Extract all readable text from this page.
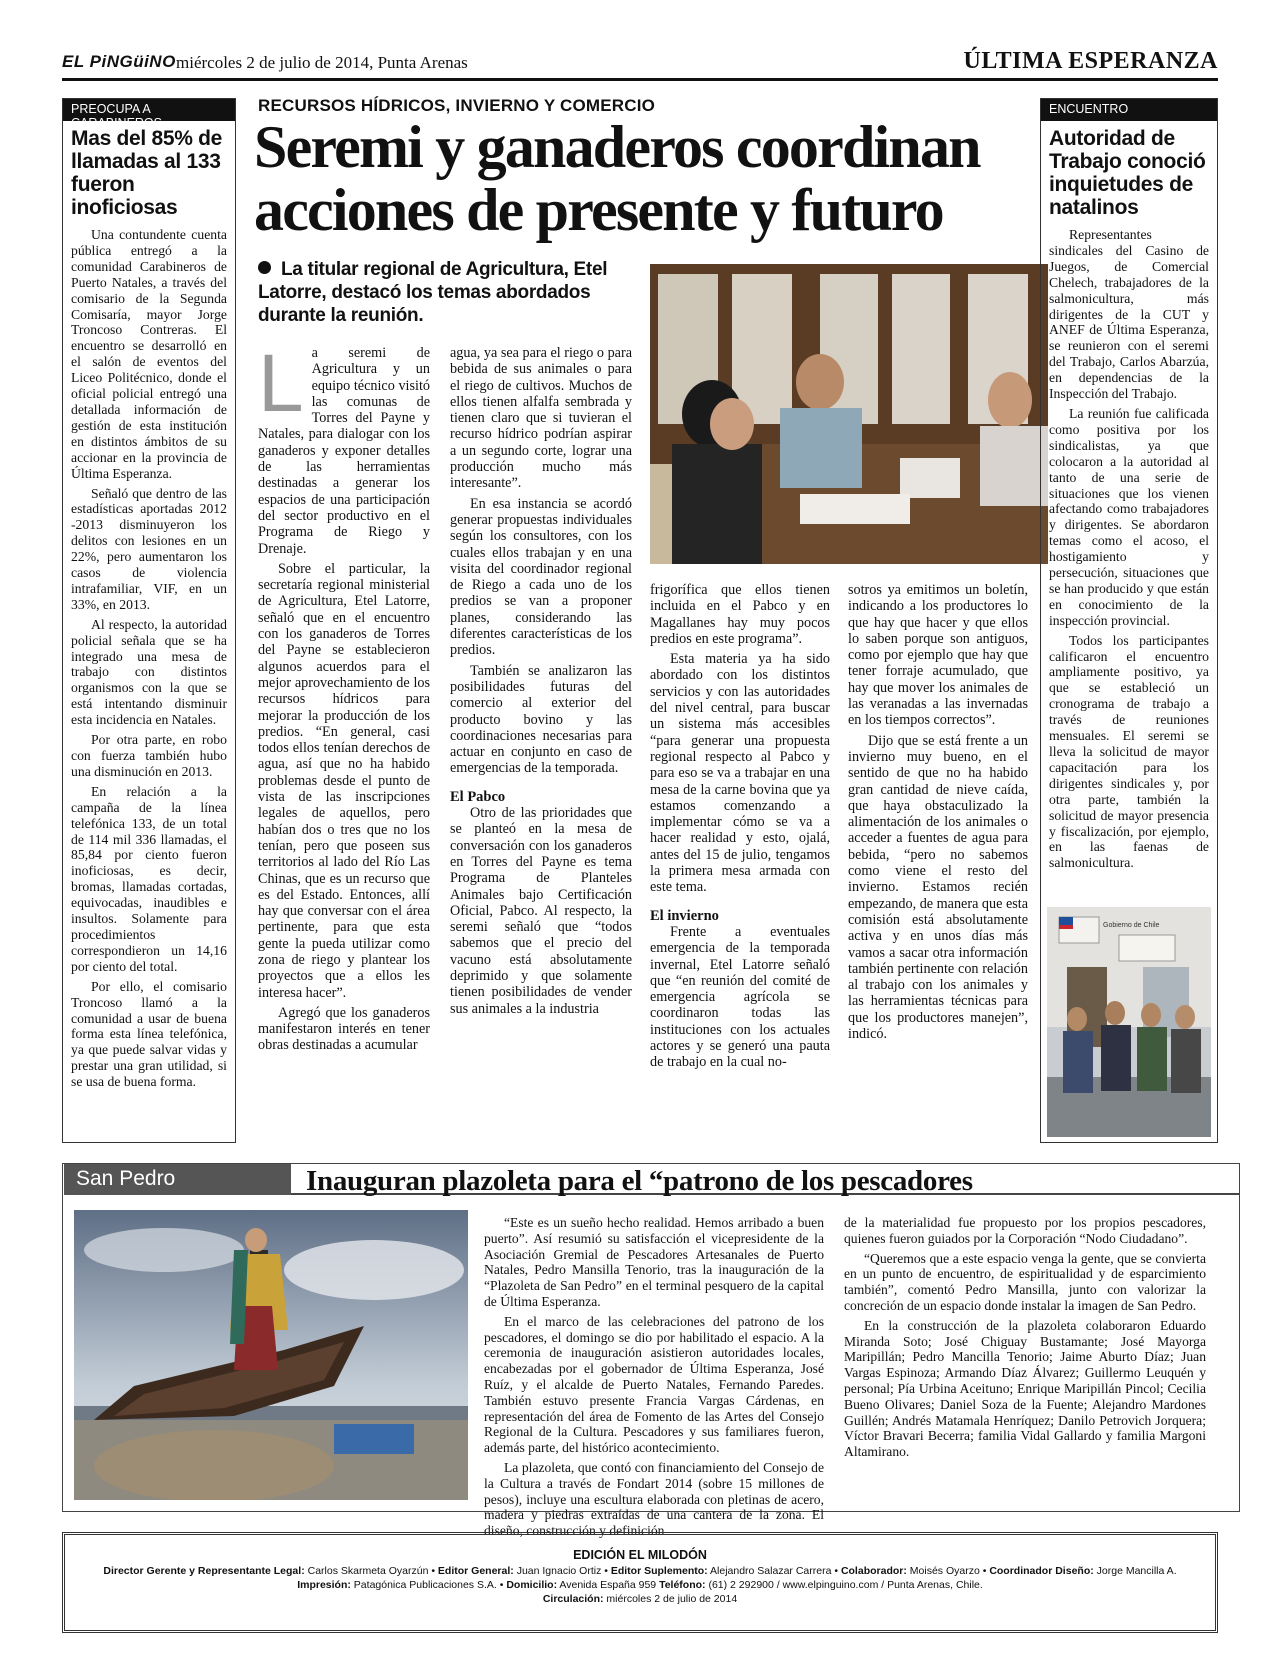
EL PiNGüiNO miércoles 2 de julio de 2014, Punta Arenas	ÚLTIMA ESPERANZA
PREOCUPA A CARABINEROS
Mas del 85% de llamadas al 133 fueron inoficiosas

Una contundente cuenta pública entregó a la comunidad Carabineros de Puerto Natales, a través del comisario de la Segunda Comisaría, mayor Jorge Troncoso Contreras. El encuentro se desarrolló en el salón de eventos del Liceo Politécnico, donde el oficial policial entregó una detallada información de gestión de esta institución en distintos ámbitos de su accionar en la provincia de Última Esperanza.

Señaló que dentro de las estadísticas aportadas 2012 -2013 disminuyeron los delitos con lesiones en un 22%, pero aumentaron los casos de violencia intrafamiliar, VIF, en un 33%, en 2013.

Al respecto, la autoridad policial señala que se ha integrado una mesa de trabajo con distintos organismos con la que se está intentando disminuir esta incidencia en Natales.

Por otra parte, en robo con fuerza también hubo una disminución en 2013.

En relación a la campaña de la línea telefónica 133, de un total de 114 mil 336 llamadas, el 85,84 por ciento fueron inoficiosas, es decir, bromas, llamadas cortadas, equivocadas, inaudibles e insultos. Solamente para procedimientos correspondieron un 14,16 por ciento del total.

Por ello, el comisario Troncoso llamó a la comunidad a usar de buena forma esta línea telefónica, ya que puede salvar vidas y prestar una gran utilidad, si se usa de buena forma.

RECURSOS HÍDRICOS, INVIERNO Y COMERCIO
Seremi y ganaderos coordinan acciones de presente y futuro
La titular regional de Agricultura, Etel Latorre, destacó los temas abordados durante la reunión.
L a seremi de Agricultura y un equipo técnico visitó las comunas de Torres del Payne y Natales, para dialogar con los ganaderos y exponer detalles de las herramientas destinadas a generar los espacios de una participación del sector productivo en el Programa de Riego y Drenaje.

Sobre el particular, la secretaría regional ministerial de Agricultura, Etel Latorre, señaló que en el encuentro con los ganaderos de Torres del Payne se establecieron algunos acuerdos para el mejor aprovechamiento de los recursos hídricos para mejorar la producción de los predios. “En general, casi todos ellos tenían derechos de agua, así que no ha habido problemas desde el punto de vista de las inscripciones legales de aquellos, pero habían dos o tres que no los tenían, pero que poseen sus territorios al lado del Río Las Chinas, que es un recurso que es del Estado. Entonces, allí hay que conversar con el área pertinente, para que esta gente la pueda utilizar como zona de riego y plantear los proyectos que a ellos les interesa hacer”.

Agregó que los ganaderos manifestaron interés en tener obras destinadas a acumular

agua, ya sea para el riego o para bebida de sus animales o para el riego de cultivos. Muchos de ellos tienen alfalfa sembrada y tienen claro que si tuvieran el recurso hídrico podrían aspirar a un segundo corte, lograr una producción mucho más interesante”.

En esa instancia se acordó generar propuestas individuales según los consultores, con los cuales ellos trabajan y en una visita del coordinador regional de Riego a cada uno de los predios se van a proponer planes, considerando las diferentes características de los predios.

También se analizaron las posibilidades futuras del comercio al exterior del producto bovino y las coordinaciones necesarias para actuar en conjunto en caso de emergencias de la temporada.

El Pabco

Otro de las prioridades que se planteó en la mesa de conversación con los ganaderos en Torres del Payne es tema Programa de Planteles Animales bajo Certificación Oficial, Pabco. Al respecto, la seremi señaló que “todos sabemos que el precio del vacuno está absolutamente deprimido y que solamente tienen posibilidades de vender sus animales a la industria

frigorífica que ellos tienen incluida en el Pabco y en Magallanes hay muy pocos predios en este programa”.

Esta materia ya ha sido abordado con los distintos servicios y con las autoridades del nivel central, para buscar un sistema más accesibles “para generar una propuesta regional respecto al Pabco y para eso se va a trabajar en una mesa de la carne bovina que ya estamos comenzando a implementar cómo se va a hacer realidad y esto, ojalá, antes del 15 de julio, tengamos la primera mesa armada con este tema.

El invierno

Frente a eventuales emergencia de la temporada invernal, Etel Latorre señaló que “en reunión del comité de emergencia agrícola se coordinaron todas las instituciones con los actuales actores y se generó una pauta de trabajo en la cual no-

sotros ya emitimos un boletín, indicando a los productores lo que hay que hacer y que ellos lo saben porque son antiguos, como por ejemplo que hay que tener forraje acumulado, que hay que mover los animales de las veranadas a las invernadas en los tiempos correctos”.

Dijo que se está frente a un invierno muy bueno, en el sentido de que no ha habido gran cantidad de nieve caída, que haya obstaculizado la alimentación de los animales o acceder a fuentes de agua para bebida, “pero no sabemos como viene el resto del invierno. Estamos recién empezando, de manera que esta comisión está absolutamente activa y en unos días más vamos a sacar otra información también pertinente con relación al trabajo con los animales y las herramientas técnicas para que los productores manejen”, indicó.

ENCUENTRO
Autoridad de Trabajo conoció inquietudes de natalinos

Representantes sindicales del Casino de Juegos, de Comercial Chelech, trabajadores de la salmonicultura, más dirigentes de la CUT y ANEF de Última Esperanza, se reunieron con el seremi del Trabajo, Carlos Abarzúa, en dependencias de la Inspección del Trabajo.

La reunión fue calificada como positiva por los sindicalistas, ya que colocaron a la autoridad al tanto de una serie de situaciones que los vienen afectando como trabajadores y dirigentes. Se abordaron temas como el acoso, el hostigamiento y persecución, situaciones que se han producido y que están en conocimiento de la inspección provincial.

Todos los participantes calificaron el encuentro ampliamente positivo, ya que se estableció un cronograma de trabajo a través de reuniones mensuales. El seremi se lleva la solicitud de mayor capacitación para los dirigentes sindicales y, por otra parte, también la solicitud de mayor presencia y fiscalización, por ejemplo, en las faenas de salmonicultura.

Gobierno de Chile
San Pedro	Inauguran plazoleta para el “patrono de los pescadores

“Este es un sueño hecho realidad. Hemos arribado a buen puerto”. Así resumió su satisfacción el vicepresidente de la Asociación Gremial de Pescadores Artesanales de Puerto Natales, Pedro Mansilla Tenorio, tras la inauguración de la “Plazoleta de San Pedro” en el terminal pesquero de la capital de Última Esperanza.

En el marco de las celebraciones del patrono de los pescadores, el domingo se dio por habilitado el espacio. A la ceremonia de inauguración asistieron autoridades locales, encabezadas por el gobernador de Última Esperanza, José Ruíz, y el alcalde de Puerto Natales, Fernando Paredes. También estuvo presente Francia Vargas Cárdenas, en representación del área de Fomento de las Artes del Consejo Regional de la Cultura. Pescadores y sus familiares fueron, además parte, del histórico acontecimiento.

La plazoleta, que contó con financiamiento del Consejo de la Cultura a través de Fondart 2014 (sobre 15 millones de pesos), incluye una escultura elaborada con pletinas de acero, madera y piedras extraídas de una cantera de la zona. El diseño, construcción y definición

de la materialidad fue propuesto por los propios pescadores, quienes fueron guiados por la Corporación “Nodo Ciudadano”.

“Queremos que a este espacio venga la gente, que se convierta en un punto de encuentro, de espiritualidad y de esparcimiento también”, comentó Pedro Mansilla, junto con valorizar la concreción de un espacio donde instalar la imagen de San Pedro.

En la construcción de la plazoleta colaboraron Eduardo Miranda Soto; José Chiguay Bustamante; José Mayorga Maripillán; Pedro Mancilla Tenorio; Jaime Aburto Díaz; Juan Vargas Espinoza; Armando Díaz Álvarez; Guillermo Leuquén y personal; Pía Urbina Aceituno; Enrique Maripillán Pincol; Cecilia Bueno Olivares; Daniel Soza de la Fuente; Alejandro Mardones Guillén; Andrés Matamala Henríquez; Danilo Petrovich Jorquera; Víctor Bravari Becerra; familia Vidal Gallardo y familia Margoni Altamirano.

EDICIÓN EL MILODÓN
Director Gerente y Representante Legal: Carlos Skarmeta Oyarzún • Editor General: Juan Ignacio Ortiz • Editor Suplemento: Alejandro Salazar Carrera • Colaborador: Moisés Oyarzo • Coordinador Diseño: Jorge Mancilla A.
Impresión: Patagónica Publicaciones S.A. • Domicilio: Avenida España 959 Teléfono: (61) 2 292900 / www.elpinguino.com / Punta Arenas, Chile.
Circulación: miércoles 2 de julio de 2014
